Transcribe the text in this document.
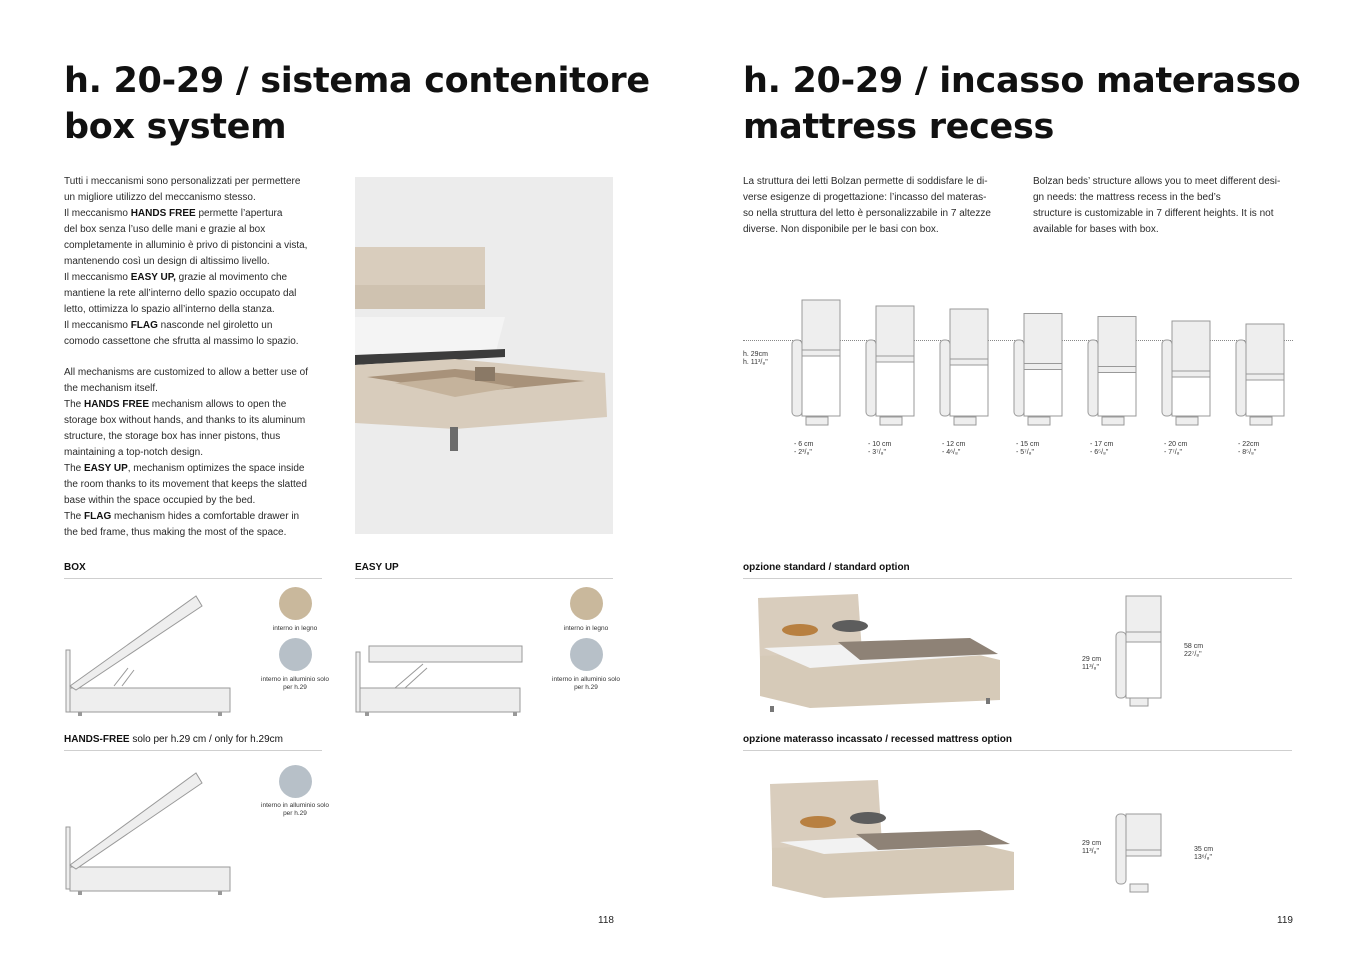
h. 20-29 / sistema contenitore
box system
Tutti i meccanismi sono personalizzati per permettere
un migliore utilizzo del meccanismo stesso.
Il meccanismo HANDS FREE permette l’apertura
del box senza l’uso delle mani e grazie al box
completamente in alluminio è privo di pistoncini a vista,
mantenendo così un design di altissimo livello.
Il meccanismo EASY UP, grazie al movimento che
mantiene la rete all’interno dello spazio occupato dal
letto, ottimizza lo spazio all’interno della stanza.
Il meccanismo FLAG nasconde nel giroletto un
comodo cassettone che sfrutta al massimo lo spazio.
All mechanisms are customized to allow a better use of
the mechanism itself.
The HANDS FREE mechanism allows to open the
storage box without hands, and thanks to its aluminum
structure, the storage box has inner pistons, thus
maintaining a top-notch design.
The EASY UP, mechanism optimizes the space inside
the room thanks to its movement that keeps the slatted
base within the space occupied by the bed.
The FLAG mechanism hides a comfortable drawer in
the bed frame, thus making the most of the space.
BOX
interno in legno
interno in alluminio solo per h.29
EASY UP
interno in legno
interno in alluminio solo per h.29
HANDS-FREE solo per h.29 cm / only for h.29cm
interno in alluminio solo per h.29
118
h. 20-29 / incasso materasso
mattress recess
La struttura dei letti Bolzan permette di soddisfare le di-
verse esigenze di progettazione: l’incasso del materas-
so nella struttura del letto è personalizzabile in 7 altezze
diverse. Non disponibile per le basi con box.
Bolzan beds’ structure allows you to meet different desi-
gn needs: the mattress recess in the bed’s
structure is customizable in 7 different heights. It is not
available for bases with box.
h. 29cm
h. 11³/₈"
- 6 cm
- 2³/₈"
- 10 cm
- 3⁷/₈"
- 12 cm
- 4⁶/₈"
- 15 cm
- 5⁷/₈"
- 17 cm
- 6⁵/₈"
- 20 cm
- 7⁷/₈"
- 22cm
- 8⁵/₈"
opzione standard / standard option
29 cm
11³/₈"
58 cm
22⁷/₈"
opzione materasso incassato / recessed mattress option
29 cm
11³/₈"	35 cm
13⁶/₈"
119
